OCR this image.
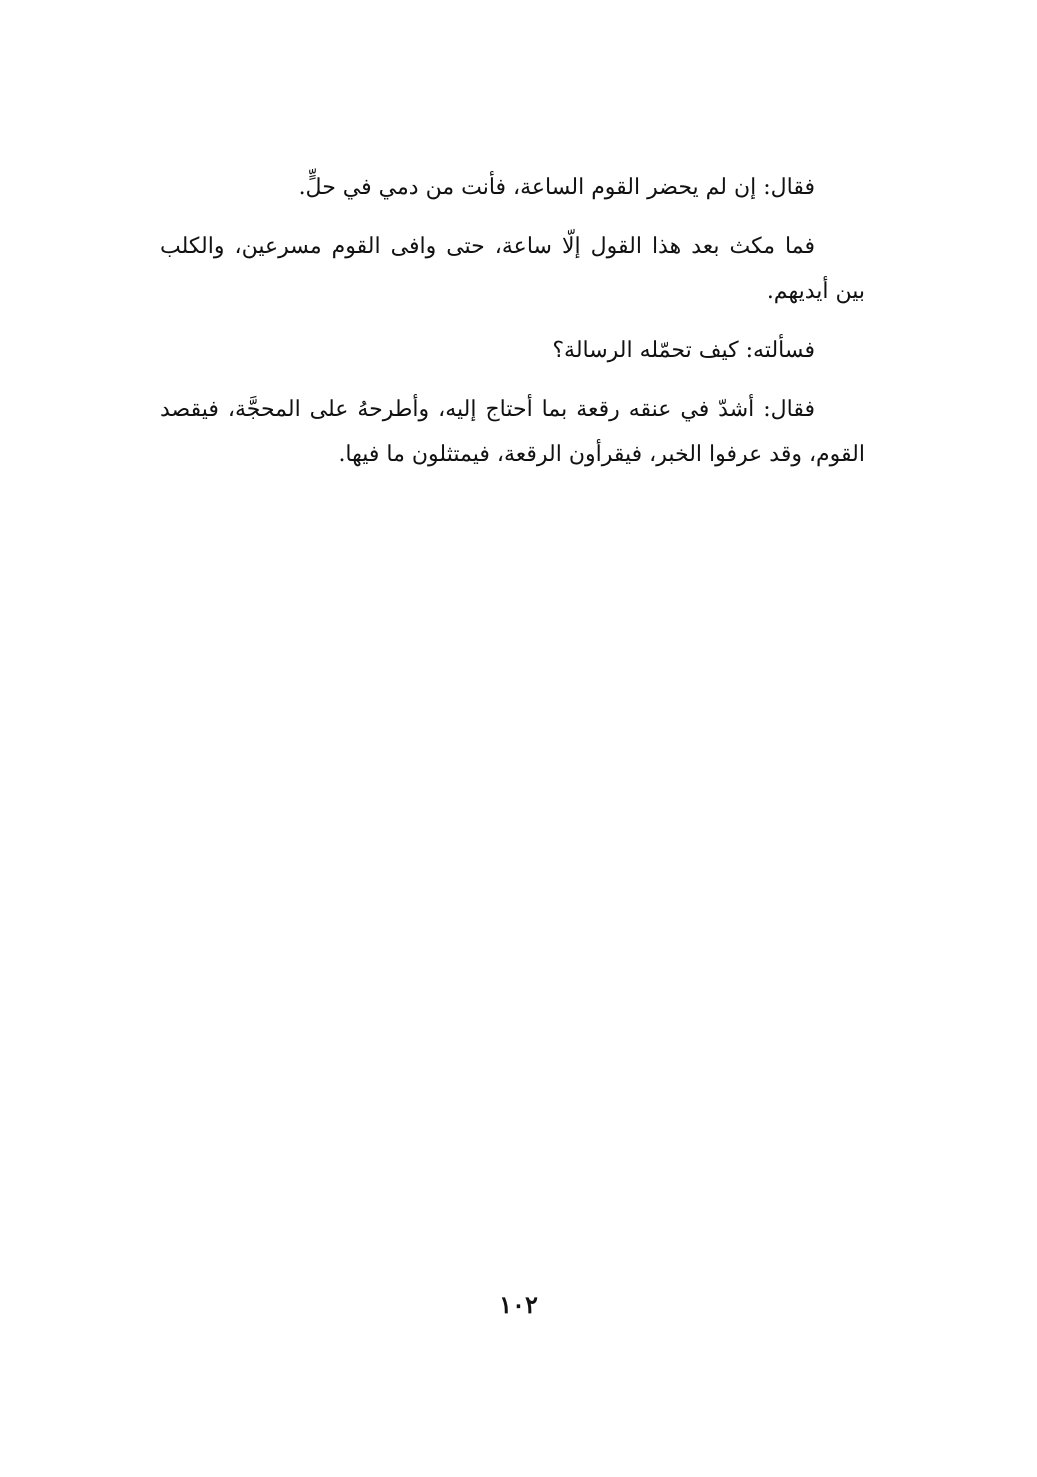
فقال: إن لم يحضر القوم الساعة، فأنت من دمي في حلٍّ.

فما مكث بعد هذا القول إلّا ساعة، حتى وافى القوم مسرعين، والكلب بين أيديهم.

فسألته: كيف تحمّله الرسالة؟

فقال: أشدّ في عنقه رقعة بما أحتاج إليه، وأطرحهُ على المحجَّة، فيقصد القوم، وقد عرفوا الخبر، فيقرأون الرقعة، فيمتثلون ما فيها.

١٠٢
